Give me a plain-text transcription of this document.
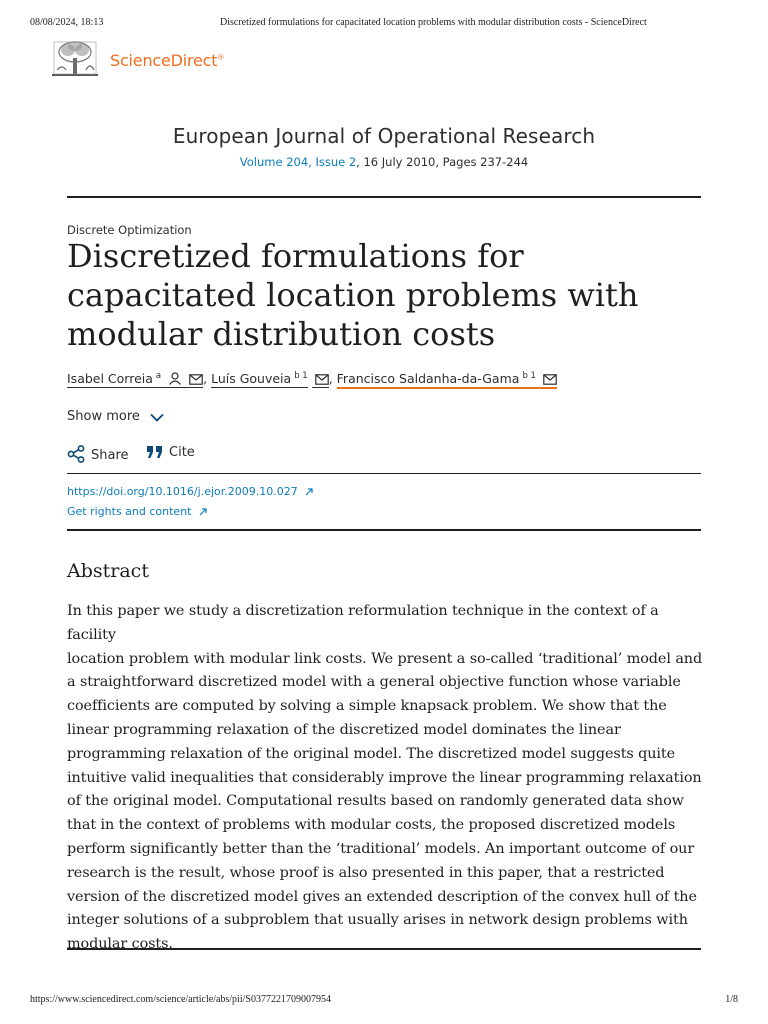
08/08/2024, 18:13	Discretized formulations for capacitated location problems with modular distribution costs - ScienceDirect
ScienceDirect®
European Journal of Operational Research
Volume 204, Issue 2, 16 July 2010, Pages 237-244
Discrete Optimization
Discretized formulations for capacitated location problems with modular distribution costs
Isabel Correia $^a$	, Luís Gouveia $^{b 1}$ , Francisco Saldanha-da-Gama $^{b 1}$
Show more
Share	Cite
https://doi.org/10.1016/j.ejor.2009.10.027
Get rights and content
Abstract
In this paper we study a discretization reformulation technique in the context of a facility
location problem with modular link costs. We present a so-called ‘traditional’ model and
a straightforward discretized model with a general objective function whose variable
coefficients are computed by solving a simple knapsack problem. We show that the
linear programming relaxation of the discretized model dominates the linear
programming relaxation of the original model. The discretized model suggests quite
intuitive valid inequalities that considerably improve the linear programming relaxation
of the original model. Computational results based on randomly generated data show
that in the context of problems with modular costs, the proposed discretized models
perform significantly better than the ‘traditional’ models. An important outcome of our
research is the result, whose proof is also presented in this paper, that a restricted
version of the discretized model gives an extended description of the convex hull of the
integer solutions of a subproblem that usually arises in network design problems with
modular costs.
https://www.sciencedirect.com/science/article/abs/pii/S0377221709007954	1/8
